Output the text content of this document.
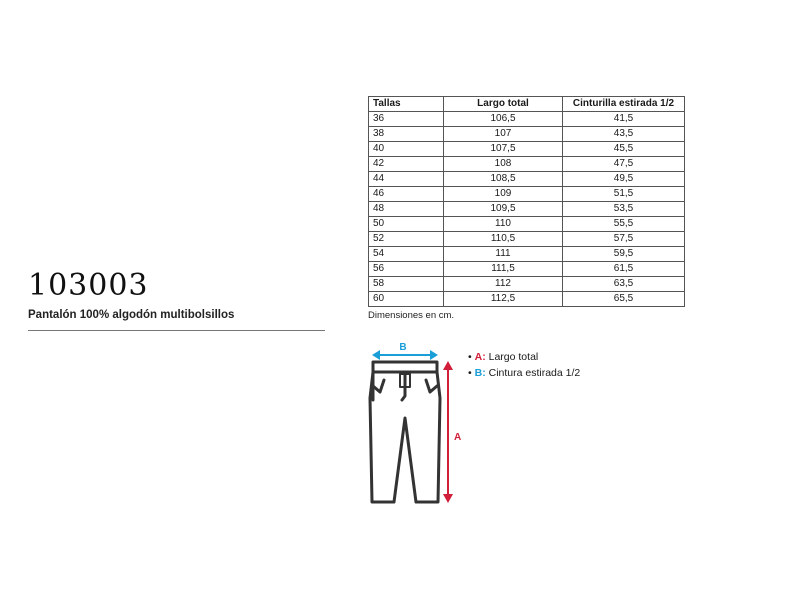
103003
Pantalón 100% algodón multibolsillos
Tallas	Largo total	Cinturilla estirada 1/2
36	106,5	41,5
38	107	43,5
40	107,5	45,5
42	108	47,5
44	108,5	49,5
46	109	51,5
48	109,5	53,5
50	110	55,5
52	110,5	57,5
54	111	59,5
56	111,5	61,5
58	112	63,5
60	112,5	65,5
Dimensiones en cm.
B
A
• A: Largo total
• B: Cintura estirada 1/2
